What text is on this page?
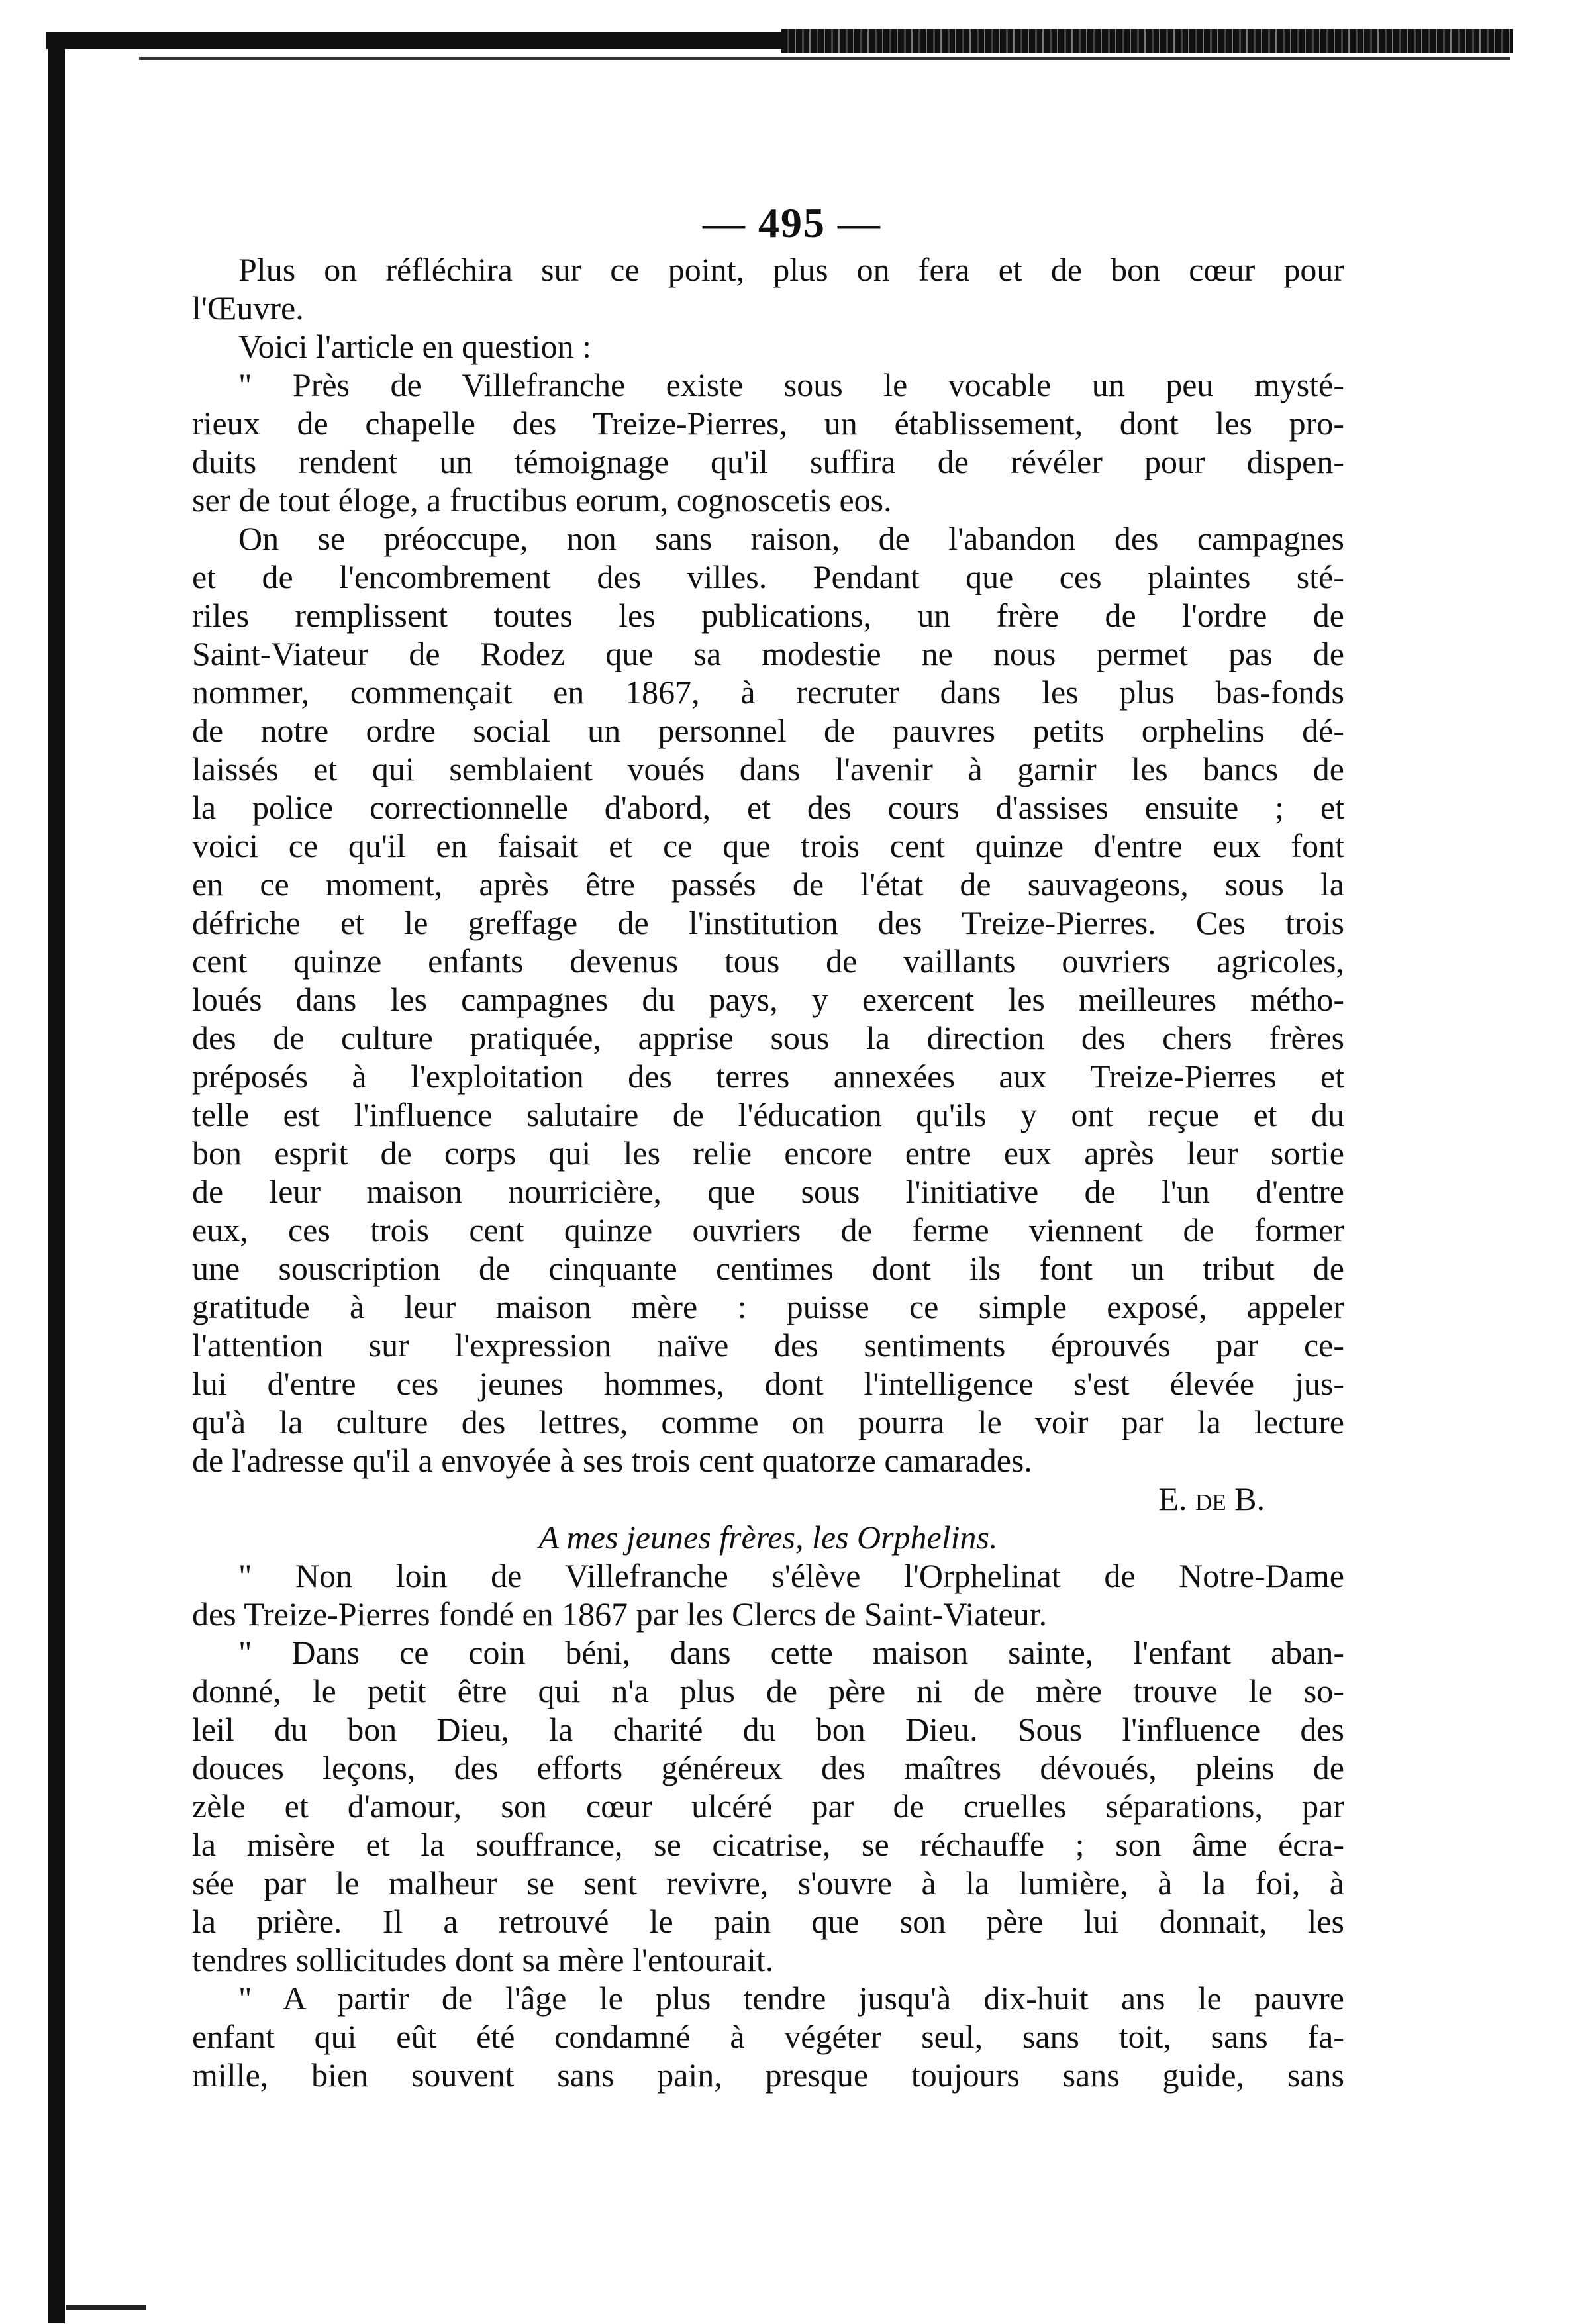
— 495 —
Plus on réfléchira sur ce point, plus on fera et de bon cœur pour
l'Œuvre.
Voici l'article en question :
" Près de Villefranche existe sous le vocable un peu mysté-
rieux de chapelle des Treize-Pierres, un établissement, dont les pro-
duits rendent un témoignage qu'il suffira de révéler pour dispen-
ser de tout éloge, a fructibus eorum, cognoscetis eos.
On se préoccupe, non sans raison, de l'abandon des campagnes
et de l'encombrement des villes. Pendant que ces plaintes sté-
riles remplissent toutes les publications, un frère de l'ordre de
Saint-Viateur de Rodez que sa modestie ne nous permet pas de
nommer, commençait en 1867, à recruter dans les plus bas-fonds
de notre ordre social un personnel de pauvres petits orphelins dé-
laissés et qui semblaient voués dans l'avenir à garnir les bancs de
la police correctionnelle d'abord, et des cours d'assises ensuite ; et
voici ce qu'il en faisait et ce que trois cent quinze d'entre eux font
en ce moment, après être passés de l'état de sauvageons, sous la
défriche et le greffage de l'institution des Treize-Pierres. Ces trois
cent quinze enfants devenus tous de vaillants ouvriers agricoles,
loués dans les campagnes du pays, y exercent les meilleures métho-
des de culture pratiquée, apprise sous la direction des chers frères
préposés à l'exploitation des terres annexées aux Treize-Pierres et
telle est l'influence salutaire de l'éducation qu'ils y ont reçue et du
bon esprit de corps qui les relie encore entre eux après leur sortie
de leur maison nourricière, que sous l'initiative de l'un d'entre
eux, ces trois cent quinze ouvriers de ferme viennent de former
une souscription de cinquante centimes dont ils font un tribut de
gratitude à leur maison mère : puisse ce simple exposé, appeler
l'attention sur l'expression naïve des sentiments éprouvés par ce-
lui d'entre ces jeunes hommes, dont l'intelligence s'est élevée jus-
qu'à la culture des lettres, comme on pourra le voir par la lecture
de l'adresse qu'il a envoyée à ses trois cent quatorze camarades.
E. de B.
A mes jeunes frères, les Orphelins.
" Non loin de Villefranche s'élève l'Orphelinat de Notre-Dame
des Treize-Pierres fondé en 1867 par les Clercs de Saint-Viateur.
" Dans ce coin béni, dans cette maison sainte, l'enfant aban-
donné, le petit être qui n'a plus de père ni de mère trouve le so-
leil du bon Dieu, la charité du bon Dieu. Sous l'influence des
douces leçons, des efforts généreux des maîtres dévoués, pleins de
zèle et d'amour, son cœur ulcéré par de cruelles séparations, par
la misère et la souffrance, se cicatrise, se réchauffe ; son âme écra-
sée par le malheur se sent revivre, s'ouvre à la lumière, à la foi, à
la prière. Il a retrouvé le pain que son père lui donnait, les
tendres sollicitudes dont sa mère l'entourait.
" A partir de l'âge le plus tendre jusqu'à dix-huit ans le pauvre
enfant qui eût été condamné à végéter seul, sans toit, sans fa-
mille, bien souvent sans pain, presque toujours sans guide, sans
